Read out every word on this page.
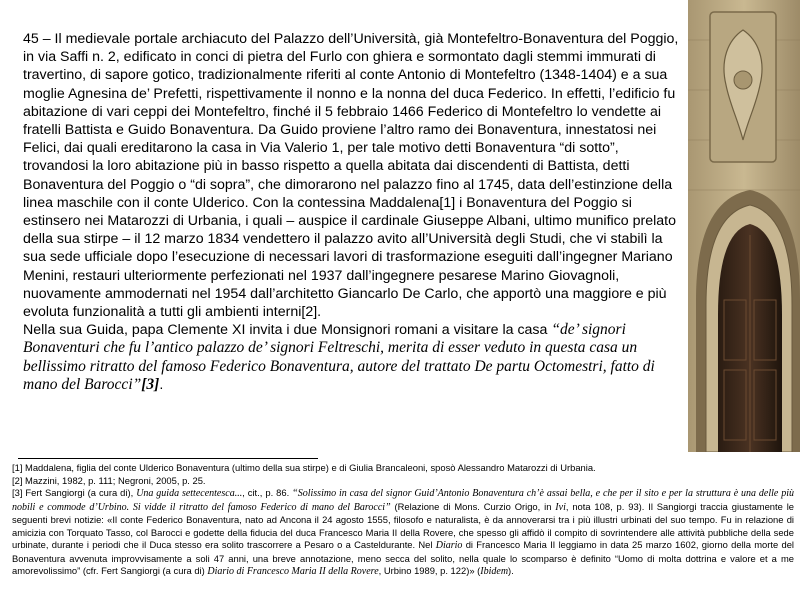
45 – Il medievale portale archiacuto del Palazzo dell’Università, già Montefeltro-Bonaventura del Poggio, in via Saffi n. 2, edificato in conci di pietra del Furlo con ghiera e sormontato dagli stemmi immurati di travertino, di sapore gotico, tradizionalmente riferiti al conte Antonio di Montefeltro (1348-1404) e a sua moglie Agnesina de’ Prefetti, rispettivamente il nonno e la nonna del duca Federico. In effetti, l’edificio fu abitazione di vari ceppi dei Montefeltro, finché il 5 febbraio 1466 Federico di Montefeltro lo vendette ai fratelli Battista e Guido Bonaventura. Da Guido proviene l’altro ramo dei Bonaventura, innestatosi nei Felici, dai quali ereditarono la casa in Via Valerio 1, per tale motivo detti Bonaventura “di sotto”, trovandosi la loro abitazione più in basso rispetto a quella abitata dai discendenti di Battista, detti Bonaventura del Poggio o “di sopra”, che dimorarono nel palazzo fino al 1745, data dell’estinzione della linea maschile con il conte Ulderico. Con la contessina Maddalena[1] i Bonaventura del Poggio si estinsero nei Matarozzi di Urbania, i quali – auspice il cardinale Giuseppe Albani, ultimo munifico prelato della sua stirpe – il 12 marzo 1834 vendettero il palazzo avito all’Università degli Studi, che vi stabilì la sua sede ufficiale dopo l’esecuzione di necessari lavori di trasformazione eseguiti dall’ingegner Mariano Menini, restauri ulteriormente perfezionati nel 1937 dall’ingegnere pesarese Marino Giovagnoli, nuovamente ammodernati nel 1954 dall’architetto Giancarlo De Carlo, che apportò una maggiore e più evoluta funzionalità a tutti gli ambienti interni[2].

Nella sua Guida, papa Clemente XI invita i due Monsignori romani a visitare la casa “de’ signori Bonaventuri che fu l’antico palazzo de’ signori Feltreschi, merita di esser veduto in questa casa un bellissimo ritratto del famoso Federico Bonaventura, autore del trattato De partu Octomestri, fatto di mano del Barocci”[3].

[1] Maddalena, figlia del conte Ulderico Bonaventura (ultimo della sua stirpe) e di Giulia Brancaleoni, sposò Alessandro Matarozzi di Urbania.

[2] Mazzini, 1982, p. 111; Negroni, 2005, p. 25.

[3] Fert Sangiorgi (a cura di), Una guida settecentesca..., cit., p. 86. “Solissimo in casa del signor Guid’Antonio Bonaventura ch’è assai bella, e che per il sito e per la struttura è una delle più nobili e commode d’Urbino. Si vidde il ritratto del famoso Federico di mano del Barocci” (Relazione di Mons. Curzio Origo, in Ivi, nota 108, p. 93). Il Sangiorgi traccia giustamente le seguenti brevi notizie: «Il conte Federico Bonaventura, nato ad Ancona il 24 agosto 1555, filosofo e naturalista, è da annoverarsi tra i più illustri urbinati del suo tempo. Fu in relazione di amicizia con Torquato Tasso, col Barocci e godette della fiducia del duca Francesco Maria II della Rovere, che spesso gli affidò il compito di sovrintendere alle attività pubbliche della sede urbinate, durante i periodi che il Duca stesso era solito trascorrere a Pesaro o a Casteldurante. Nel Diario di Francesco Maria II leggiamo in data 25 marzo 1602, giorno della morte del Bonaventura avvenuta improvvisamente a soli 47 anni, una breve annotazione, meno secca del solito, nella quale lo scomparso è definito “Uomo di molta dottrina e valore et a me amorevolissimo” (cfr. Fert Sangiorgi (a cura di) Diario di Francesco Maria II della Rovere, Urbino 1989, p. 122)» (Ibidem).
